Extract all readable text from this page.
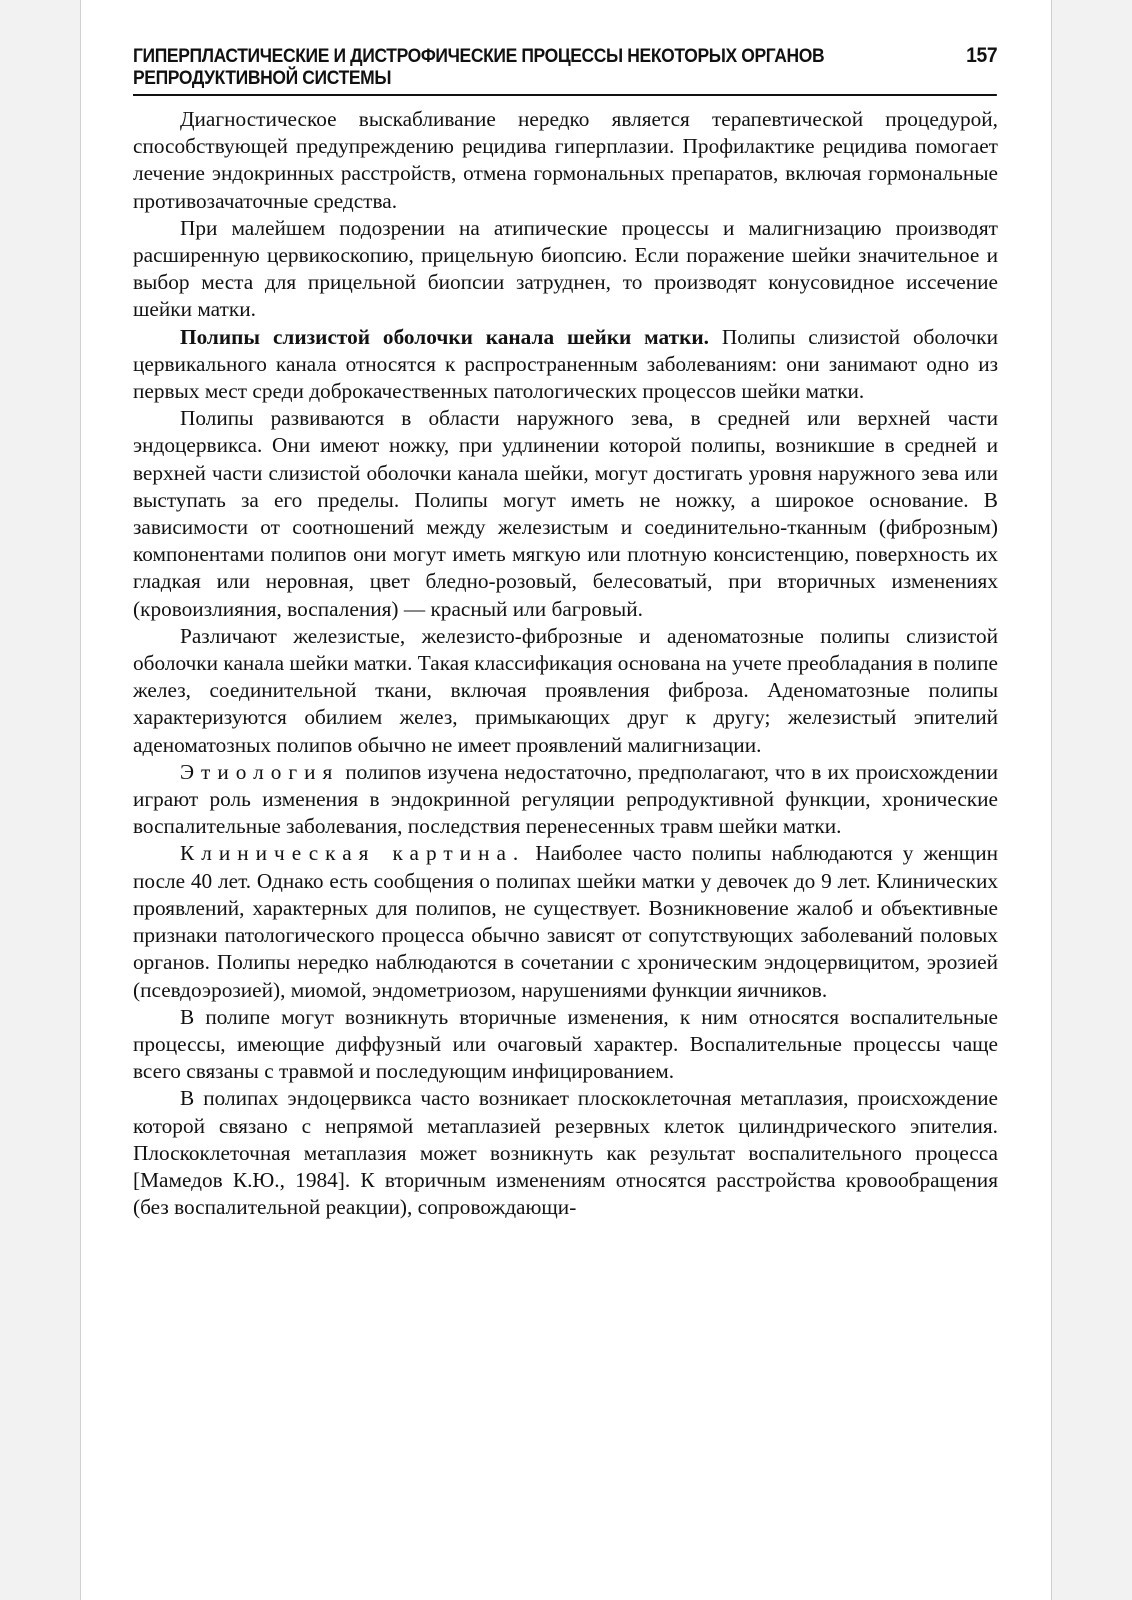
ГИПЕРПЛАСТИЧЕСКИЕ И ДИСТРОФИЧЕСКИЕ ПРОЦЕССЫ НЕКОТОРЫХ ОРГАНОВ РЕПРОДУКТИВНОЙ СИСТЕМЫ
157

Диагностическое выскабливание нередко является терапевтической процедурой, способствующей предупреждению рецидива гиперплазии. Профилактике рецидива помогает лечение эндокринных расстройств, отмена гормональных препаратов, включая гормональные противозачаточные средства.

При малейшем подозрении на атипические процессы и малигнизацию производят расширенную цервикоскопию, прицельную биопсию. Если поражение шейки значительное и выбор места для прицельной биопсии затруднен, то производят конусовидное иссечение шейки матки.

Полипы слизистой оболочки канала шейки матки. Полипы слизистой оболочки цервикального канала относятся к распространенным заболеваниям: они занимают одно из первых мест среди доброкачественных патологических процессов шейки матки.

Полипы развиваются в области наружного зева, в средней или верхней части эндоцервикса. Они имеют ножку, при удлинении которой полипы, возникшие в средней и верхней части слизистой оболочки канала шейки, могут достигать уровня наружного зева или выступать за его пределы. Полипы могут иметь не ножку, а широкое основание. В зависимости от соотношений между железистым и соединительно-тканным (фиброзным) компонентами полипов они могут иметь мягкую или плотную консистенцию, поверхность их гладкая или неровная, цвет бледно-розовый, белесоватый, при вторичных изменениях (кровоизлияния, воспаления) — красный или багровый.

Различают железистые, железисто-фиброзные и аденоматозные полипы слизистой оболочки канала шейки матки. Такая классификация основана на учете преобладания в полипе желез, соединительной ткани, включая проявления фиброза. Аденоматозные полипы характеризуются обилием желез, примыкающих друг к другу; железистый эпителий аденоматозных полипов обычно не имеет проявлений малигнизации.

Этиология полипов изучена недостаточно, предполагают, что в их происхождении играют роль изменения в эндокринной регуляции репродуктивной функции, хронические воспалительные заболевания, последствия перенесенных травм шейки матки.

Клиническая картина. Наиболее часто полипы наблюдаются у женщин после 40 лет. Однако есть сообщения о полипах шейки матки у девочек до 9 лет. Клинических проявлений, характерных для полипов, не существует. Возникновение жалоб и объективные признаки патологического процесса обычно зависят от сопутствующих заболеваний половых органов. Полипы нередко наблюдаются в сочетании с хроническим эндоцервицитом, эрозией (псевдоэрозией), миомой, эндометриозом, нарушениями функции яичников.

В полипе могут возникнуть вторичные изменения, к ним относятся воспалительные процессы, имеющие диффузный или очаговый характер. Воспалительные процессы чаще всего связаны с травмой и последующим инфицированием.

В полипах эндоцервикса часто возникает плоскоклеточная метаплазия, происхождение которой связано с непрямой метаплазией резервных клеток цилиндрического эпителия. Плоскоклеточная метаплазия может возникнуть как результат воспалительного процесса [Мамедов К.Ю., 1984]. К вторичным изменениям относятся расстройства кровообращения (без воспалительной реакции), сопровождающи-
